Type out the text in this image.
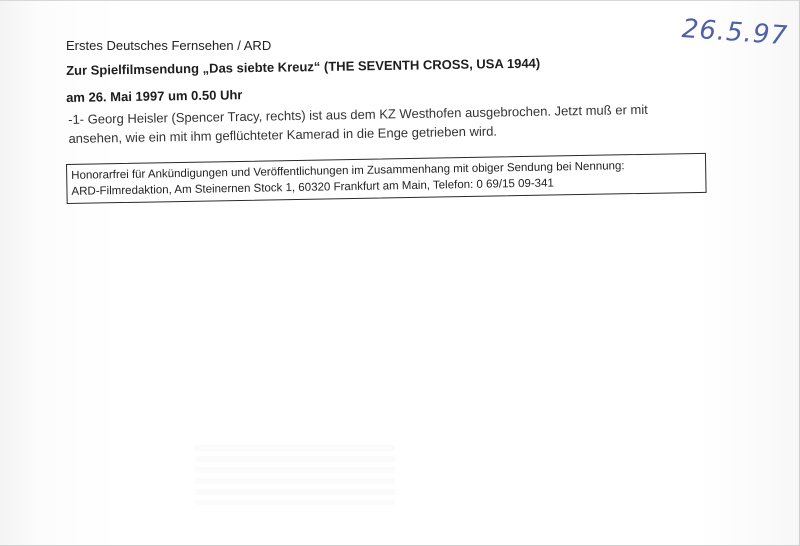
Erstes Deutsches Fernsehen / ARD	26.5.97
Zur Spielfilmsendung „Das siebte Kreuz“ (THE SEVENTH CROSS, USA 1944)
am 26. Mai 1997 um 0.50 Uhr

-1- Georg Heisler (Spencer Tracy, rechts) ist aus dem KZ Westhofen ausgebrochen. Jetzt muß er mit

ansehen, wie ein mit ihm geflüchteter Kamerad in die Enge getrieben wird.

Honorarfrei für Ankündigungen und Veröffentlichungen im Zusammenhang mit obiger Sendung bei Nennung:

ARD-Filmredaktion, Am Steinernen Stock 1, 60320 Frankfurt am Main, Telefon: 0 69/15 09-341
